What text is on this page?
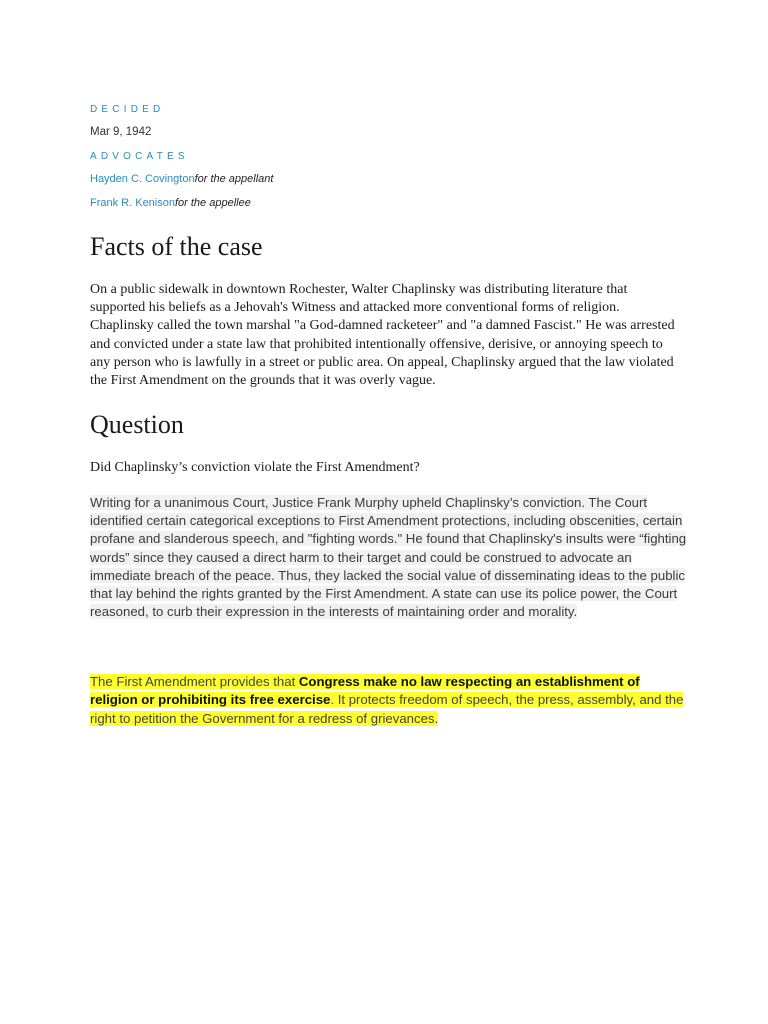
DECIDED
Mar 9, 1942
ADVOCATES
Hayden C. Covingtonfor the appellant
Frank R. Kenisonfor the appellee
Facts of the case

On a public sidewalk in downtown Rochester, Walter Chaplinsky was distributing literature that supported his beliefs as a Jehovah's Witness and attacked more conventional forms of religion. Chaplinsky called the town marshal "a God-damned racketeer" and "a damned Fascist." He was arrested and convicted under a state law that prohibited intentionally offensive, derisive, or annoying speech to any person who is lawfully in a street or public area. On appeal, Chaplinsky argued that the law violated the First Amendment on the grounds that it was overly vague.

Question

Did Chaplinsky’s conviction violate the First Amendment?

Writing for a unanimous Court, Justice Frank Murphy upheld Chaplinsky’s conviction. The Court identified certain categorical exceptions to First Amendment protections, including obscenities, certain profane and slanderous speech, and "fighting words." He found that Chaplinsky's insults were “fighting words” since they caused a direct harm to their target and could be construed to advocate an immediate breach of the peace. Thus, they lacked the social value of disseminating ideas to the public that lay behind the rights granted by the First Amendment. A state can use its police power, the Court reasoned, to curb their expression in the interests of maintaining order and morality.

The First Amendment provides that Congress make no law respecting an establishment of religion or prohibiting its free exercise. It protects freedom of speech, the press, assembly, and the right to petition the Government for a redress of grievances.
